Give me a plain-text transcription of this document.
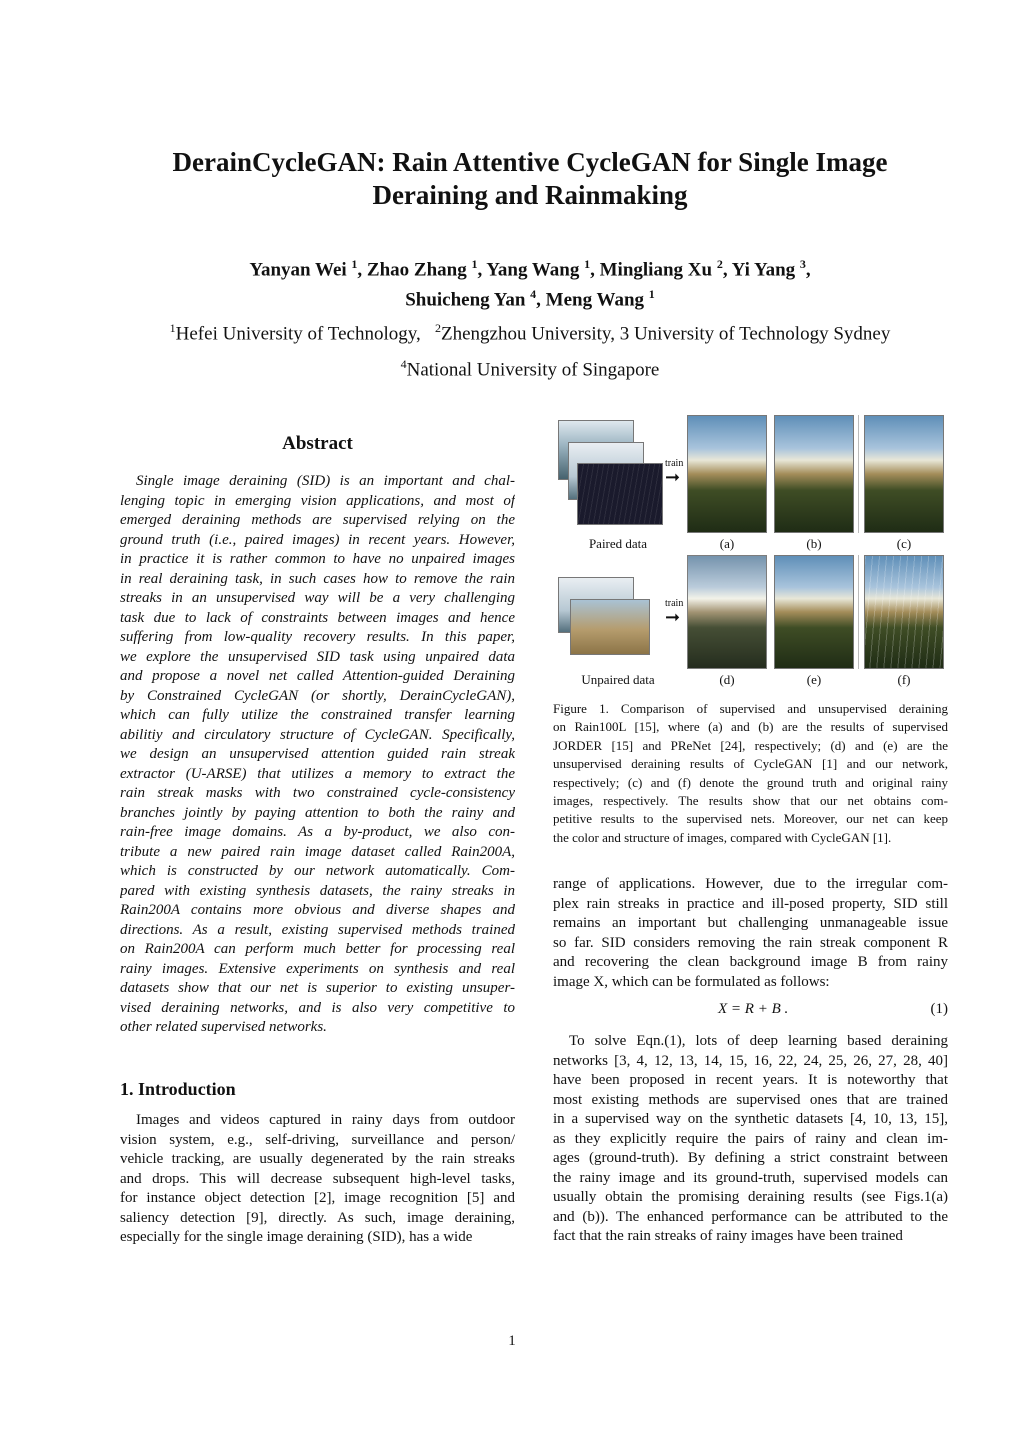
DerainCycleGAN: Rain Attentive CycleGAN for Single Image
Deraining and Rainmaking
Yanyan Wei $^1$, Zhao Zhang $^1$, Yang Wang $^1$, Mingliang Xu $^2$, Yi Yang $^3$,
Shuicheng Yan $^4$, Meng Wang $^1$
$^1$Hefei University of Technology, $^2$Zhengzhou University, 3 University of Technology Sydney
$^4$National University of Singapore
Abstract
Single image deraining (SID) is an important and chal-
lenging topic in emerging vision applications, and most of
emerged deraining methods are supervised relying on the
ground truth (i.e., paired images) in recent years. However,
in practice it is rather common to have no unpaired images
in real deraining task, in such cases how to remove the rain
streaks in an unsupervised way will be a very challenging
task due to lack of constraints between images and hence
suffering from low-quality recovery results. In this paper,
we explore the unsupervised SID task using unpaired data
and propose a novel net called Attention-guided Deraining
by Constrained CycleGAN (or shortly, DerainCycleGAN),
which can fully utilize the constrained transfer learning
abilitiy and circulatory structure of CycleGAN. Specifically,
we design an unsupervised attention guided rain streak
extractor (U-ARSE) that utilizes a memory to extract the
rain streak masks with two constrained cycle-consistency
branches jointly by paying attention to both the rainy and
rain-free image domains. As a by-product, we also con-
tribute a new paired rain image dataset called Rain200A,
which is constructed by our network automatically. Com-
pared with existing synthesis datasets, the rainy streaks in
Rain200A contains more obvious and diverse shapes and
directions. As a result, existing supervised methods trained
on Rain200A can perform much better for processing real
rainy images. Extensive experiments on synthesis and real
datasets show that our net is superior to existing unsuper-
vised deraining networks, and is also very competitive to
other related supervised networks.
1. Introduction
Images and videos captured in rainy days from outdoor
vision system, e.g., self-driving, surveillance and person/
vehicle tracking, are usually degenerated by the rain streaks
and drops. This will decrease subsequent high-level tasks,
for instance object detection [2], image recognition [5] and
saliency detection [9], directly. As such, image deraining,
especially for the single image deraining (SID), has a wide
train
➞
Paired data	(a)	(b)	(c)
train
➞
Unpaired data	(d)	(e)	(f)
Figure 1. Comparison of supervised and unsupervised deraining
on Rain100L [15], where (a) and (b) are the results of supervised
JORDER [15] and PReNet [24], respectively; (d) and (e) are the
unsupervised deraining results of CycleGAN [1] and our network,
respectively; (c) and (f) denote the ground truth and original rainy
images, respectively. The results show that our net obtains com-
petitive results to the supervised nets. Moreover, our net can keep
the color and structure of images, compared with CycleGAN [1].
range of applications. However, due to the irregular com-
plex rain streaks in practice and ill-posed property, SID still
remains an important but challenging unmanageable issue
so far. SID considers removing the rain streak component R
and recovering the clean background image B from rainy
image X, which can be formulated as follows:
X = R + B .	(1)
To solve Eqn.(1), lots of deep learning based deraining
networks [3, 4, 12, 13, 14, 15, 16, 22, 24, 25, 26, 27, 28, 40]
have been proposed in recent years. It is noteworthy that
most existing methods are supervised ones that are trained
in a supervised way on the synthetic datasets [4, 10, 13, 15],
as they explicitly require the pairs of rainy and clean im-
ages (ground-truth). By defining a strict constraint between
the rainy image and its ground-truth, supervised models can
usually obtain the promising deraining results (see Figs.1(a)
and (b)). The enhanced performance can be attributed to the
fact that the rain streaks of rainy images have been trained
1
